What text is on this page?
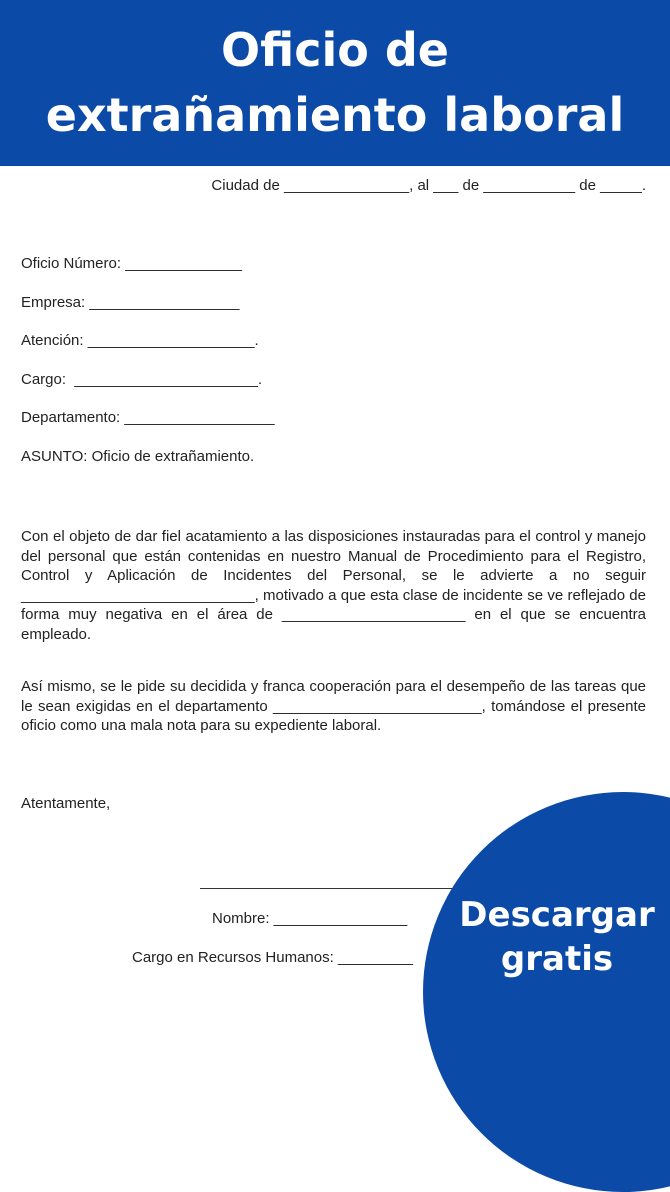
Ciudad de _______________, al ___ de ___________ de _____.
Oficio Número: ______________
Empresa: __________________
Atención: ____________________.
Cargo:  ______________________.
Departamento: __________________
ASUNTO: Oficio de extrañamiento.
Con el objeto de dar fiel acatamiento a las disposiciones instauradas para el control y manejo del personal que están contenidas en nuestro Manual de Procedimiento para el Registro, Control y Aplicación de Incidentes del Personal, se le advierte a no seguir ____________________________, motivado a que esta clase de incidente se ve reflejado de forma muy negativa en el área de ______________________ en el que se encuentra empleado.
Así mismo, se le pide su decidida y franca cooperación para el desempeño de las tareas que le sean exigidas en el departamento _________________________, tomándose el presente oficio como una mala nota para su expediente laboral.
Atentamente,
Nombre: ________________
Cargo en Recursos Humanos: _________
Oficio de
extrañamiento laboral
Descargar
gratis
